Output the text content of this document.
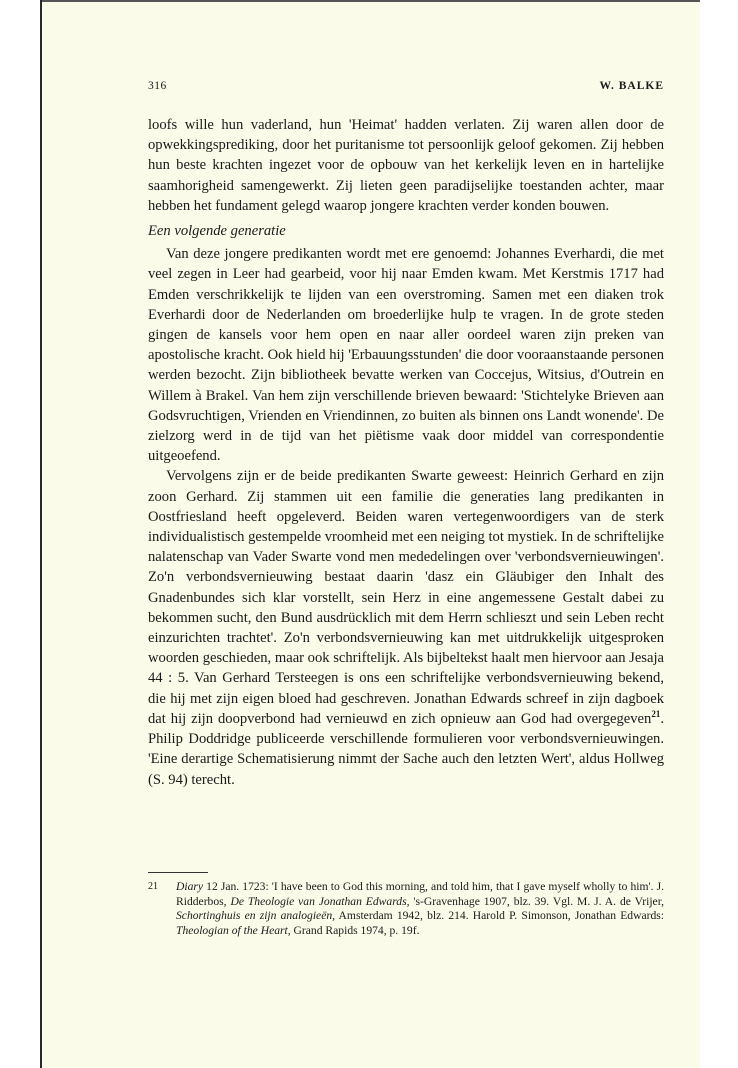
316	W. BALKE

loofs wille hun vaderland, hun 'Heimat' hadden verlaten. Zij waren allen door de opwekkingsprediking, door het puritanisme tot persoonlijk geloof gekomen. Zij hebben hun beste krachten ingezet voor de opbouw van het kerkelijk leven en in hartelijke saamhorigheid samengewerkt. Zij lieten geen paradijselijke toestanden achter, maar hebben het fundament gelegd waarop jongere krachten verder konden bouwen.

Een volgende generatie

Van deze jongere predikanten wordt met ere genoemd: Johannes Everhardi, die met veel zegen in Leer had gearbeid, voor hij naar Emden kwam. Met Kerstmis 1717 had Emden verschrikkelijk te lijden van een overstroming. Samen met een diaken trok Everhardi door de Nederlanden om broederlijke hulp te vragen. In de grote steden gingen de kansels voor hem open en naar aller oordeel waren zijn preken van apostolische kracht. Ook hield hij 'Erbauungsstunden' die door vooraanstaande personen werden bezocht. Zijn bibliotheek bevatte werken van Coccejus, Witsius, d'Outrein en Willem à Brakel. Van hem zijn verschillende brieven bewaard: 'Stichtelyke Brieven aan Godsvruchtigen, Vrienden en Vriendinnen, zo buiten als binnen ons Landt wonende'. De zielzorg werd in de tijd van het piëtisme vaak door middel van correspondentie uitgeoefend.

Vervolgens zijn er de beide predikanten Swarte geweest: Heinrich Gerhard en zijn zoon Gerhard. Zij stammen uit een familie die generaties lang predikanten in Oostfriesland heeft opgeleverd. Beiden waren vertegenwoordigers van de sterk individualistisch gestempelde vroomheid met een neiging tot mystiek. In de schriftelijke nalatenschap van Vader Swarte vond men mededelingen over 'verbondsvernieuwingen'. Zo'n verbondsvernieuwing bestaat daarin 'dasz ein Gläubiger den Inhalt des Gnadenbundes sich klar vorstellt, sein Herz in eine angemessene Gestalt dabei zu bekommen sucht, den Bund ausdrücklich mit dem Herrn schlieszt und sein Leben recht einzurichten trachtet'. Zo'n verbondsvernieuwing kan met uitdrukkelijk uitgesproken woorden geschieden, maar ook schriftelijk. Als bijbeltekst haalt men hiervoor aan Jesaja 44 : 5. Van Gerhard Tersteegen is ons een schriftelijke verbondsvernieuwing bekend, die hij met zijn eigen bloed had geschreven. Jonathan Edwards schreef in zijn dagboek dat hij zijn doopverbond had vernieuwd en zich opnieuw aan God had overgegeven$^{21}$. Philip Doddridge publiceerde verschillende formulieren voor verbondsvernieuwingen. 'Eine derartige Schematisierung nimmt der Sache auch den letzten Wert', aldus Hollweg (S. 94) terecht.

21 Diary 12 Jan. 1723: 'I have been to God this morning, and told him, that I gave myself wholly to him'. J. Ridderbos, De Theologie van Jonathan Edwards, 's-Gravenhage 1907, blz. 39. Vgl. M. J. A. de Vrijer, Schortinghuis en zijn analogieën, Amsterdam 1942, blz. 214. Harold P. Simonson, Jonathan Edwards: Theologian of the Heart, Grand Rapids 1974, p. 19f.
